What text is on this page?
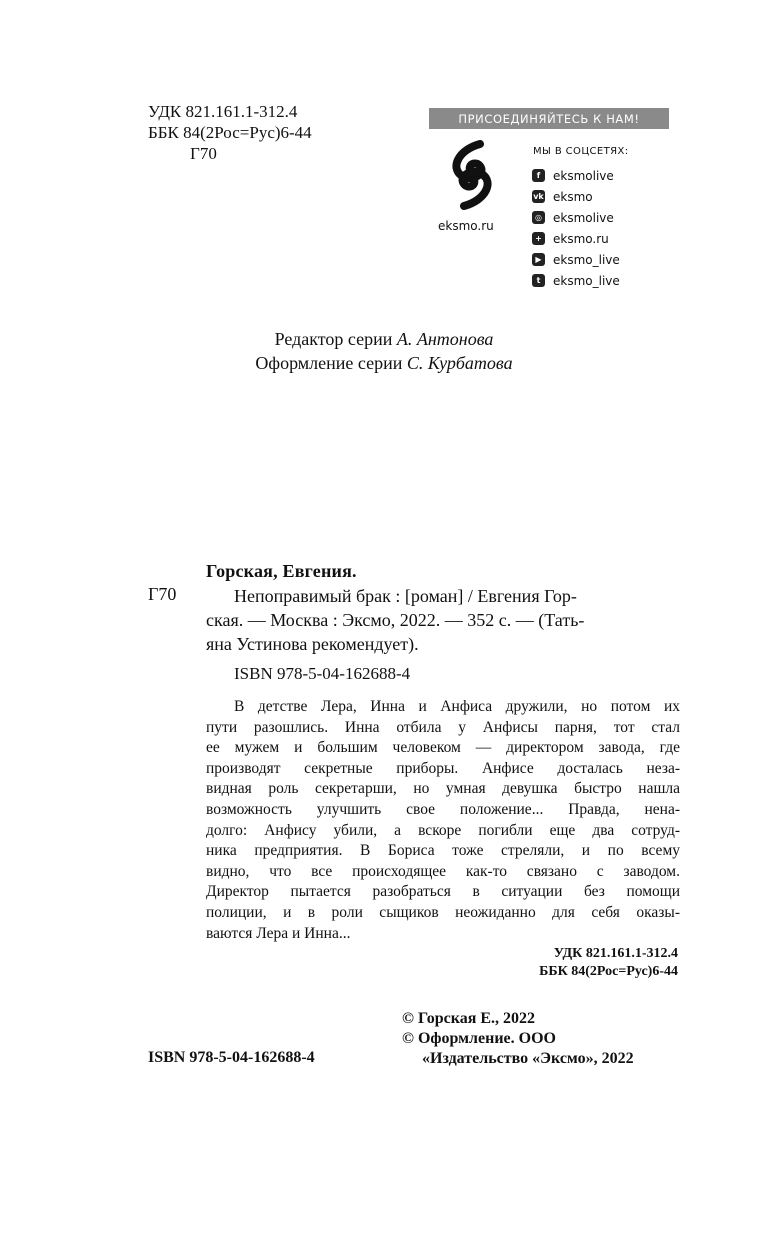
УДК 821.161.1-312.4
ББК 84(2Рос=Рус)6-44
Г70
ПРИСОЕДИНЯЙТЕСЬ К НАМ!
eksmo.ru
МЫ В СОЦСЕТЯХ:
f	eksmolive
vk eksmo
◎ eksmolive
+ eksmo.ru
▶ eksmo_live
t	eksmo_live
Редактор серии А. Антонова
Оформление серии С. Курбатова
Горская, Евгения.
Г70	Непоправимый брак : [роман] / Евгения Гор-

ская. — Москва : Эксмо, 2022. — 352 с. — (Тать-

яна Устинова рекомендует).

ISBN 978-5-04-162688-4
В детстве Лера, Инна и Анфиса дружили, но потом их
пути разошлись. Инна отбила у Анфисы парня, тот стал
ее мужем и большим человеком — директором завода, где
производят секретные приборы. Анфисе досталась неза-
видная роль секретарши, но умная девушка быстро нашла
возможность улучшить свое положение... Правда, нена-
долго: Анфису убили, а вскоре погибли еще два сотруд-
ника предприятия. В Бориса тоже стреляли, и по всему
видно, что все происходящее как-то связано с заводом.
Директор пытается разобраться в ситуации без помощи
полиции, и в роли сыщиков неожиданно для себя оказы-
ваются Лера и Инна...
УДК 821.161.1-312.4
ББК 84(2Рос=Рус)6-44
© Горская Е., 2022
© Оформление. ООО
«Издательство «Эксмо», 2022
ISBN 978-5-04-162688-4
